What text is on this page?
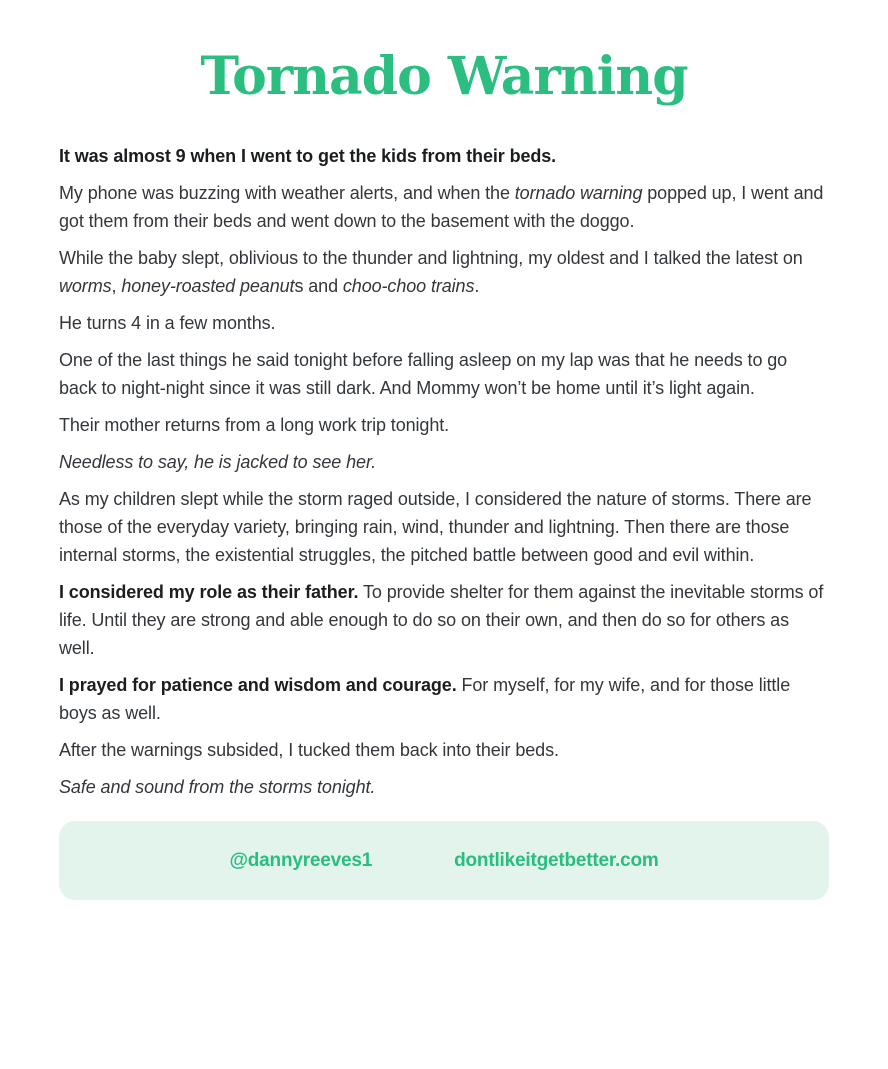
Tornado Warning

It was almost 9 when I went to get the kids from their beds.

My phone was buzzing with weather alerts, and when the tornado warning popped up, I went and got them from their beds and went down to the basement with the doggo.

While the baby slept, oblivious to the thunder and lightning, my oldest and I talked the latest on worms, honey-roasted peanuts and choo-choo trains.

He turns 4 in a few months.

One of the last things he said tonight before falling asleep on my lap was that he needs to go back to night-night since it was still dark. And Mommy won’t be home until it’s light again.

Their mother returns from a long work trip tonight.

Needless to say, he is jacked to see her.

As my children slept while the storm raged outside, I considered the nature of storms. There are those of the everyday variety, bringing rain, wind, thunder and lightning. Then there are those internal storms, the existential struggles, the pitched battle between good and evil within.

I considered my role as their father. To provide shelter for them against the inevitable storms of life. Until they are strong and able enough to do so on their own, and then do so for others as well.

I prayed for patience and wisdom and courage. For myself, for my wife, and for those little boys as well.

After the warnings subsided, I tucked them back into their beds.

Safe and sound from the storms tonight.

@dannyreeves1	dontlikeitgetbetter.com
